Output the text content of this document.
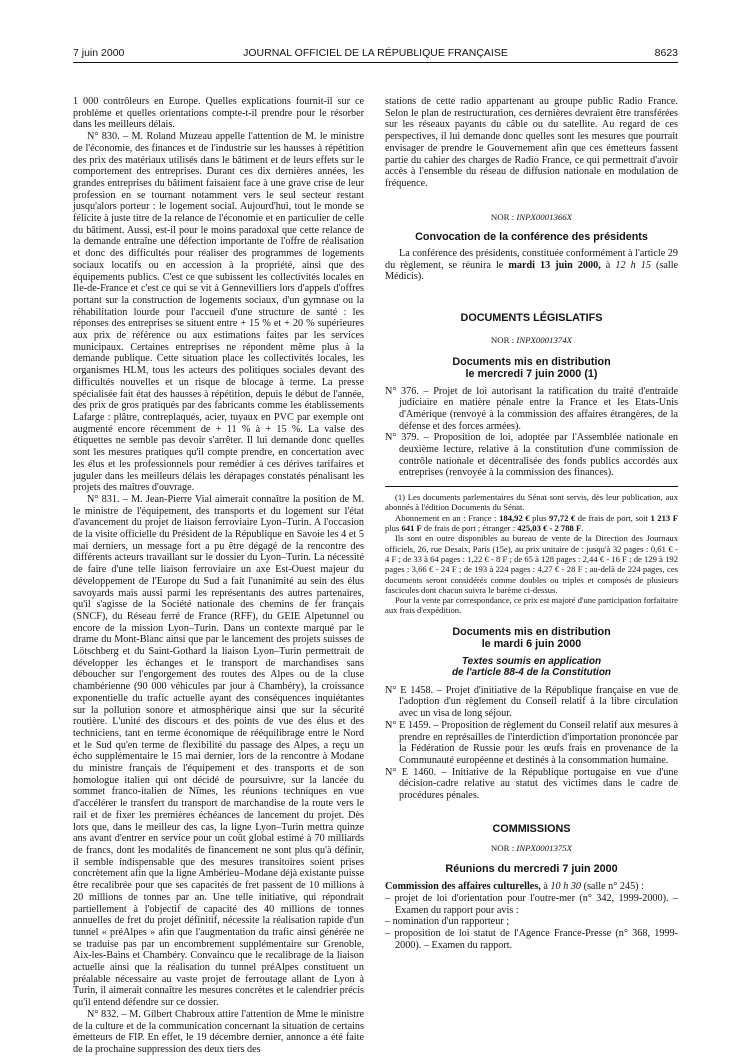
7 juin 2000	JOURNAL OFFICIEL DE LA RÉPUBLIQUE FRANÇAISE	8623

1 000 contrôleurs en Europe. Quelles explications fournit-il sur ce problème et quelles orientations compte-t-il prendre pour le résorber dans les meilleurs délais.

N° 830. – M. Roland Muzeau appelle l'attention de M. le ministre de l'économie, des finances et de l'industrie sur les hausses à répétition des prix des matériaux utilisés dans le bâtiment et de leurs effets sur le comportement des entreprises. Durant ces dix dernières années, les grandes entreprises du bâtiment faisaient face à une grave crise de leur profession en se tournant notamment vers le seul secteur restant jusqu'alors porteur : le logement social. Aujourd'hui, tout le monde se félicite à juste titre de la relance de l'économie et en particulier de celle du bâtiment. Aussi, est-il pour le moins paradoxal que cette relance de la demande entraîne une défection importante de l'offre de réalisation et donc des difficultés pour réaliser des programmes de logements sociaux locatifs ou en accession à la propriété, ainsi que des équipements publics. C'est ce que subissent les collectivités locales en Ile-de-France et c'est ce qui se vit à Gennevilliers lors d'appels d'offres portant sur la construction de logements sociaux, d'un gymnase ou la réhabilitation lourde pour l'accueil d'une structure de santé : les réponses des entreprises se situent entre + 15 % et + 20 % supérieures aux prix de référence ou aux estimations faites par les services municipaux. Certaines entreprises ne répondent même plus à la demande publique. Cette situation place les collectivités locales, les organismes HLM, tous les acteurs des politiques sociales devant des difficultés nouvelles et un risque de blocage à terme. La presse spécialisée fait état des hausses à répétition, depuis le début de l'année, des prix de gros pratiqués par des fabricants comme les établissements Lafarge : plâtre, contreplaqués, acier, tuyaux en PVC par exemple ont augmenté encore récemment de + 11 % à + 15 %. La valse des étiquettes ne semble pas devoir s'arrêter. Il lui demande donc quelles sont les mesures pratiques qu'il compte prendre, en concertation avec les élus et les professionnels pour remédier à ces dérives tarifaires et juguler dans les meilleurs délais les dérapages constatés pénalisant les projets des maîtres d'ouvrage.

N° 831. – M. Jean-Pierre Vial aimerait connaître la position de M. le ministre de l'équipement, des transports et du logement sur l'état d'avancement du projet de liaison ferroviaire Lyon–Turin. A l'occasion de la visite officielle du Président de la République en Savoie les 4 et 5 mai derniers, un message fort a pu être dégagé de la rencontre des différents acteurs travaillant sur le dossier du Lyon–Turin. La nécessité de faire d'une telle liaison ferroviaire un axe Est-Ouest majeur du développement de l'Europe du Sud a fait l'unanimité au sein des élus savoyards mais aussi parmi les représentants des autres partenaires, qu'il s'agisse de la Société nationale des chemins de fer français (SNCF), du Réseau ferré de France (RFF), du GEIE Alpetunnel ou encore de la mission Lyon–Turin. Dans un contexte marqué par le drame du Mont-Blanc ainsi que par le lancement des projets suisses de Lötschberg et du Saint-Gothard la liaison Lyon–Turin permettrait de développer les échanges et le transport de marchandises sans déboucher sur l'engorgement des routes des Alpes ou de la cluse chambérienne (90 000 véhicules par jour à Chambéry), la croissance exponentielle du trafic actuelle ayant des conséquences inquiétantes sur la pollution sonore et atmosphérique ainsi que sur la sécurité routière. L'unité des discours et des points de vue des élus et des techniciens, tant en terme économique de rééquilibrage entre le Nord et le Sud qu'en terme de flexibilité du passage des Alpes, a reçu un écho supplémentaire le 15 mai dernier, lors de la rencontre à Modane du ministre français de l'équipement et des transports et de son homologue italien qui ont décidé de poursuivre, sur la lancée du sommet franco-italien de Nîmes, les réunions techniques en vue d'accélérer le transfert du transport de marchandise de la route vers le rail et de fixer les premières échéances de lancement du projet. Dès lors que, dans le meilleur des cas, la ligne Lyon–Turin mettra quinze ans avant d'entrer en service pour un coût global estimé à 70 milliards de francs, dont les modalités de financement ne sont plus qu'à définir, il semble indispensable que des mesures transitoires soient prises concrètement afin que la ligne Ambérieu–Modane déjà existante puisse être recalibrée pour que ses capacités de fret passent de 10 millions à 20 millions de tonnes par an. Une telle initiative, qui répondrait partiellement à l'objectif de capacité des 40 millions de tonnes annuelles de fret du projet définitif, nécessite la réalisation rapide d'un tunnel « préAlpes » afin que l'augmentation du trafic ainsi générée ne se traduise pas par un encombrement supplémentaire sur Grenoble, Aix-les-Bains et Chambéry. Convaincu que le recalibrage de la liaison actuelle ainsi que la réalisation du tunnel préAlpes constituent un préalable nécessaire au vaste projet de ferroutage allant de Lyon à Turin, il aimerait connaître les mesures concrètes et le calendrier précis qu'il entend défendre sur ce dossier.

N° 832. – M. Gilbert Chabroux attire l'attention de Mme le ministre de la culture et de la communication concernant la situation de certains émetteurs de FIP. En effet, le 19 décembre dernier, annonce a été faite de la prochaine suppression des deux tiers des

stations de cette radio appartenant au groupe public Radio France. Selon le plan de restructuration, ces dernières devraient être transférées sur les réseaux payants du câble ou du satellite. Au regard de ces perspectives, il lui demande donc quelles sont les mesures que pourrait envisager de prendre le Gouvernement afin que ces émetteurs fassent partie du cahier des charges de Radio France, ce qui permettrait d'avoir accès à l'ensemble du réseau de diffusion nationale en modulation de fréquence.

NOR : INPX0001366X
Convocation de la conférence des présidents

La conférence des présidents, constituée conformément à l'article 29 du règlement, se réunira le mardi 13 juin 2000, à 12 h 15 (salle Médicis).

DOCUMENTS LÉGISLATIFS
NOR : INPX0001374X
Documents mis en distribution
le mercredi 7 juin 2000 (1)
N° 376. – Projet de loi autorisant la ratification du traité d'entraide judiciaire en matière pénale entre la France et les Etats-Unis d'Amérique (renvoyé à la commission des affaires étrangères, de la défense et des forces armées).
N° 379. – Proposition de loi, adoptée par l'Assemblée nationale en deuxième lecture, relative à la constitution d'une commission de contrôle nationale et décentralisée des fonds publics accordés aux entreprises (renvoyée à la commission des finances).

(1) Les documents parlementaires du Sénat sont servis, dès leur publication, aux abonnés à l'édition Documents du Sénat.

Abonnement en an : France : 184,92 € plus 97,72 € de frais de port, soit 1 213 F plus 641 F de frais de port ; étranger : 425,03 € - 2 788 F.

Ils sont en outre disponibles au bureau de vente de la Direction des Journaux officiels, 26, rue Desaix, Paris (15e), au prix unitaire de : jusqu'à 32 pages : 0,61 € - 4 F ; de 33 à 64 pages : 1,22 € - 8 F ; de 65 à 128 pages : 2,44 € - 16 F ; de 129 à 192 pages : 3,66 € - 24 F ; de 193 à 224 pages : 4,27 € - 28 F ; au-delà de 224 pages, ces documents seront considérés comme doubles ou triples et composés de plusieurs fascicules dont chacun suivra le barème ci-dessus.

Pour la vente par correspondance, ce prix est majoré d'une participation forfaitaire aux frais d'expédition.

Documents mis en distribution
le mardi 6 juin 2000
Textes soumis en application
de l'article 88-4 de la Constitution
N° E 1458. – Projet d'initiative de la République française en vue de l'adoption d'un règlement du Conseil relatif à la libre circulation avec un visa de long séjour.
N° E 1459. – Proposition de règlement du Conseil relatif aux mesures à prendre en représailles de l'interdiction d'importation prononcée par la Fédération de Russie pour les œufs frais en provenance de la Communauté européenne et destinés à la consommation humaine.
N° E 1460. – Initiative de la République portugaise en vue d'une décision-cadre relative au statut des victimes dans le cadre de procédures pénales.
COMMISSIONS
NOR : INPX0001375X
Réunions du mercredi 7 juin 2000
Commission des affaires culturelles, à 10 h 30 (salle n° 245) :
– projet de loi d'orientation pour l'outre-mer (n° 342, 1999-2000). – Examen du rapport pour avis :
– nomination d'un rapporteur ;
– proposition de loi statut de l'Agence France-Presse (n° 368, 1999-2000). – Examen du rapport.
